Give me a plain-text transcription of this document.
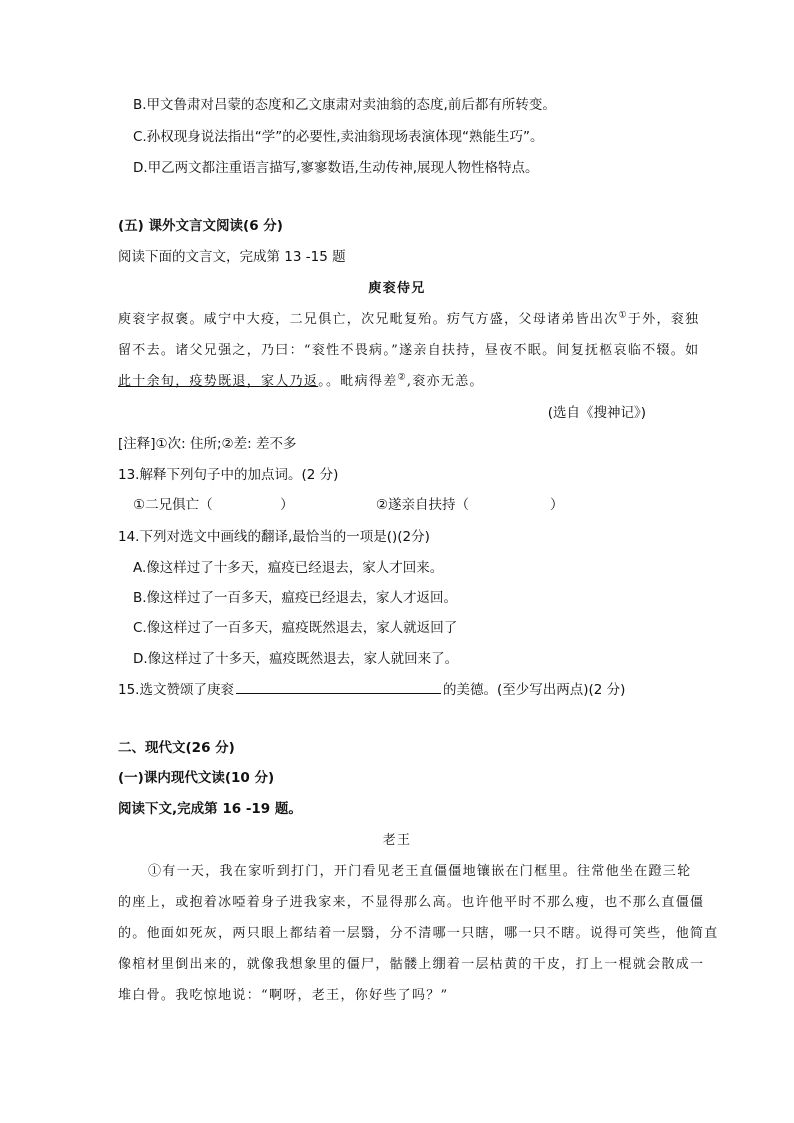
B.甲文鲁肃对吕蒙的态度和乙文康肃对卖油翁的态度,前后都有所转变。
C.孙权现身说法指出“学”的必要性,卖油翁现场表演体现“熟能生巧”。
D.甲乙两文都注重语言描写,寥寥数语,生动传神,展现人物性格特点。
(五) 课外文言文阅读(6 分)
阅读下面的文言文，完成第 13 -15 题
庾衮侍兄
庾衮字叔褒。咸宁中大疫，二兄俱亡，次兄毗复殆。疠气方盛，父母诸弟皆出次①于外，衮独
留不去。诸父兄强之，乃曰：“衮性不畏病。”遂亲自扶持，昼夜不眠。间复抚柩哀临不辍。如
此十余旬，疫势既退，家人乃返。。毗病得差②,衮亦无恙。
(选自《搜神记》)
[注释]①次: 住所;②差: 差不多
13.解释下列句子中的加点词。(2 分)
①二兄俱亡（　　　　　）	②遂亲自扶持（　　　　　　）
14.下列对选文中画线的翻译,最恰当的一项是()(2分)
A.像这样过了十多天，瘟疫已经退去，家人才回来。
B.像这样过了一百多天，瘟疫已经退去，家人才返回。
C.像这样过了一百多天，瘟疫既然退去，家人就返回了
D.像这样过了十多天，瘟疫既然退去，家人就回来了。
15.选文赞颂了庚衮	的美德。(至少写出两点)(2 分)
二、现代文(26 分)
(一)课内现代文读(10 分)
阅读下文,完成第 16 -19 题。
老王
①有一天，我在家听到打门，开门看见老王直僵僵地镶嵌在门框里。往常他坐在蹬三轮
的座上，或抱着冰啞着身子进我家来，不显得那么高。也许他平时不那么瘦，也不那么直僵僵
的。他面如死灰，两只眼上都结着一层翳，分不清哪一只瞎，哪一只不瞎。说得可笑些，他简直
像棺材里倒出来的，就像我想象里的僵尸，骷髅上绷着一层枯黄的干皮，打上一棍就会散成一
堆白骨。我吃惊地说：“啊呀，老王，你好些了吗？”
